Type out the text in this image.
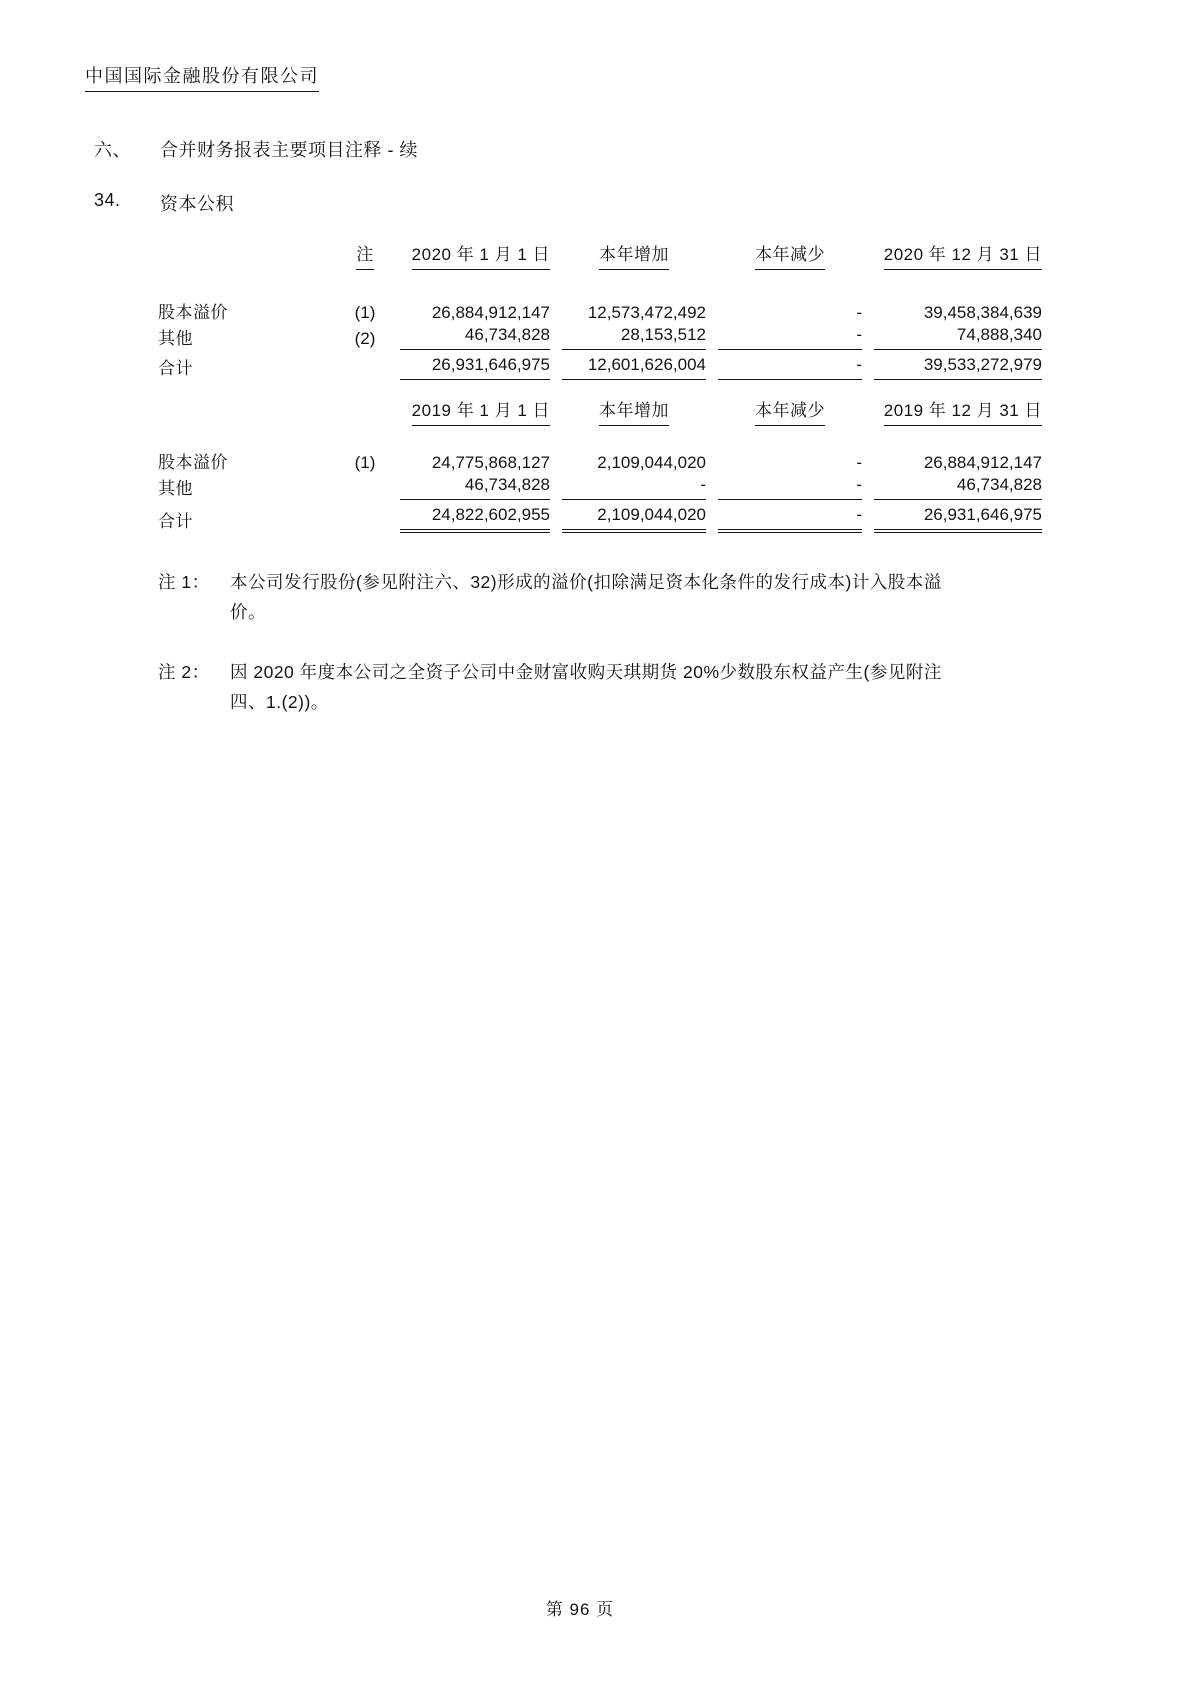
中国国际金融股份有限公司
六、	合并财务报表主要项目注释 - 续
34.	资本公积
	注	2020 年 1 月 1 日	本年增加	本年减少	2020 年 12 月 31 日

股本溢价	(1)	26,884,912,147	12,573,472,492	-	39,458,384,639
其他	(2)	46,734,828	28,153,512	-	74,888,340
合计		26,931,646,975	12,601,626,004	-	39,533,272,979
		2019 年 1 月 1 日	本年增加	本年减少	2019 年 12 月 31 日

股本溢价	(1)	24,775,868,127	2,109,044,020	-	26,884,912,147
其他		46,734,828	-	-	46,734,828
合计		24,822,602,955	2,109,044,020	-	26,931,646,975
注 1：	本公司发行股份(参见附注六、32)形成的溢价(扣除满足资本化条件的发行成本)计入股本溢
价。
注 2：	因 2020 年度本公司之全资子公司中金财富收购天琪期货 20%少数股东权益产生(参见附注
四、1.(2))。
第 96 页
